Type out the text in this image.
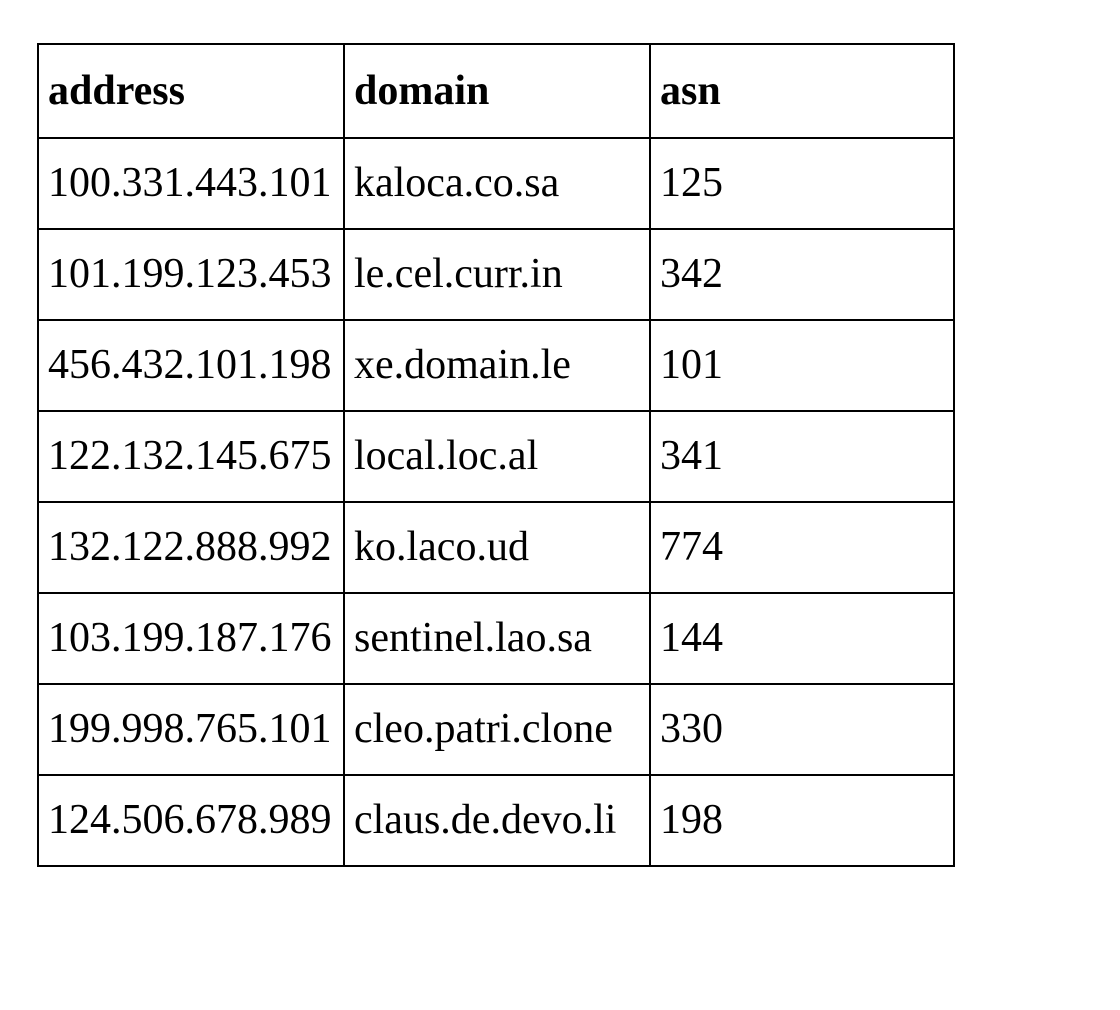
address	domain	asn
100.331.443.101	kaloca.co.sa	125
101.199.123.453	le.cel.curr.in	342
456.432.101.198	xe.domain.le	101
122.132.145.675	local.loc.al	341
132.122.888.992	ko.laco.ud	774
103.199.187.176	sentinel.lao.sa	144
199.998.765.101	cleo.patri.clone	330
124.506.678.989	claus.de.devo.li	198
